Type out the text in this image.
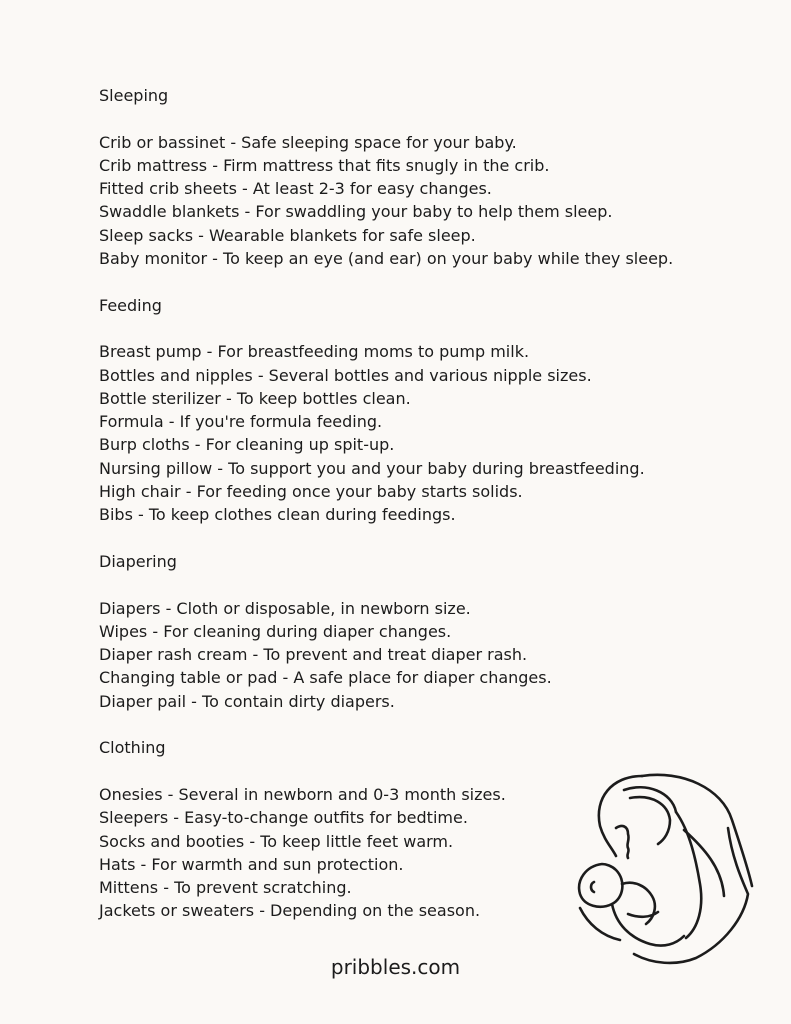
Sleeping
Crib or bassinet - Safe sleeping space for your baby.
Crib mattress - Firm mattress that fits snugly in the crib.
Fitted crib sheets - At least 2-3 for easy changes.
Swaddle blankets - For swaddling your baby to help them sleep.
Sleep sacks - Wearable blankets for safe sleep.
Baby monitor - To keep an eye (and ear) on your baby while they sleep.
Feeding
Breast pump - For breastfeeding moms to pump milk.
Bottles and nipples - Several bottles and various nipple sizes.
Bottle sterilizer - To keep bottles clean.
Formula - If you're formula feeding.
Burp cloths - For cleaning up spit-up.
Nursing pillow - To support you and your baby during breastfeeding.
High chair - For feeding once your baby starts solids.
Bibs - To keep clothes clean during feedings.
Diapering
Diapers - Cloth or disposable, in newborn size.
Wipes - For cleaning during diaper changes.
Diaper rash cream - To prevent and treat diaper rash.
Changing table or pad - A safe place for diaper changes.
Diaper pail - To contain dirty diapers.
Clothing
Onesies - Several in newborn and 0-3 month sizes.
Sleepers - Easy-to-change outfits for bedtime.
Socks and booties - To keep little feet warm.
Hats - For warmth and sun protection.
Mittens - To prevent scratching.
Jackets or sweaters - Depending on the season.
pribbles.com
